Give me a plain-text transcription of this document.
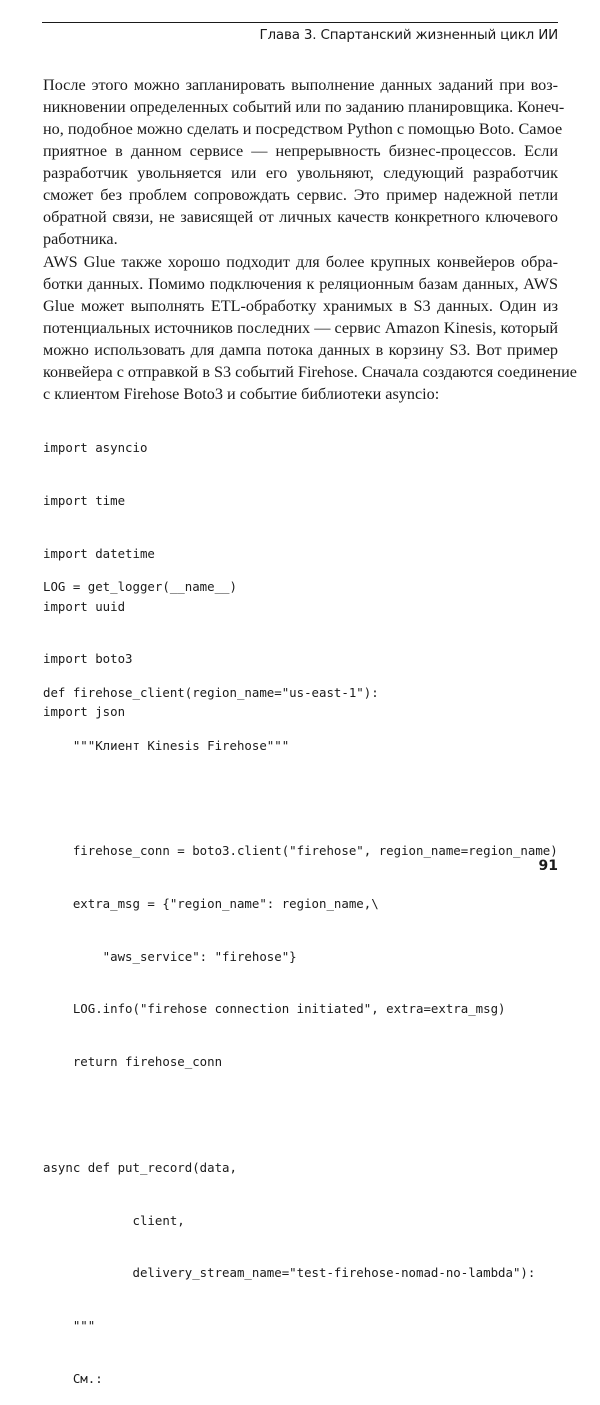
Глава 3. Спартанский жизненный цикл ИИ
После этого можно запланировать выполнение данных заданий при воз-
никновении определенных событий или по заданию планировщика. Конеч-
но, подобное можно сделать и посредством Python с помощью Boto. Самое
приятное в данном сервисе — непрерывность бизнес-процессов. Если
разработчик увольняется или его увольняют, следующий разработчик
сможет без проблем сопровождать сервис. Это пример надежной петли
обратной связи, не зависящей от личных качеств конкретного ключевого
работника.
AWS Glue также хорошо подходит для более крупных конвейеров обра-
ботки данных. Помимо подключения к реляционным базам данных, AWS
Glue может выполнять ETL-обработку хранимых в S3 данных. Один из
потенциальных источников последних — сервис Amazon Kinesis, который
можно использовать для дампа потока данных в корзину S3. Вот пример
конвейера с отправкой в S3 событий Firehose. Сначала создаются соединение
с клиентом Firehose Boto3 и событие библиотеки asyncio:

import asyncio

import time

import datetime

import uuid

import boto3

import json

LOG = get_logger(__name__)

def firehose_client(region_name="us-east-1"):

"""Клиент Kinesis Firehose"""

firehose_conn = boto3.client("firehose", region_name=region_name)

extra_msg = {"region_name": region_name,\

"aws_service": "firehose"}

LOG.info("firehose connection initiated", extra=extra_msg)

return firehose_conn

async def put_record(data,

client,

delivery_stream_name="test-firehose-nomad-no-lambda"):

"""

См.:

91
